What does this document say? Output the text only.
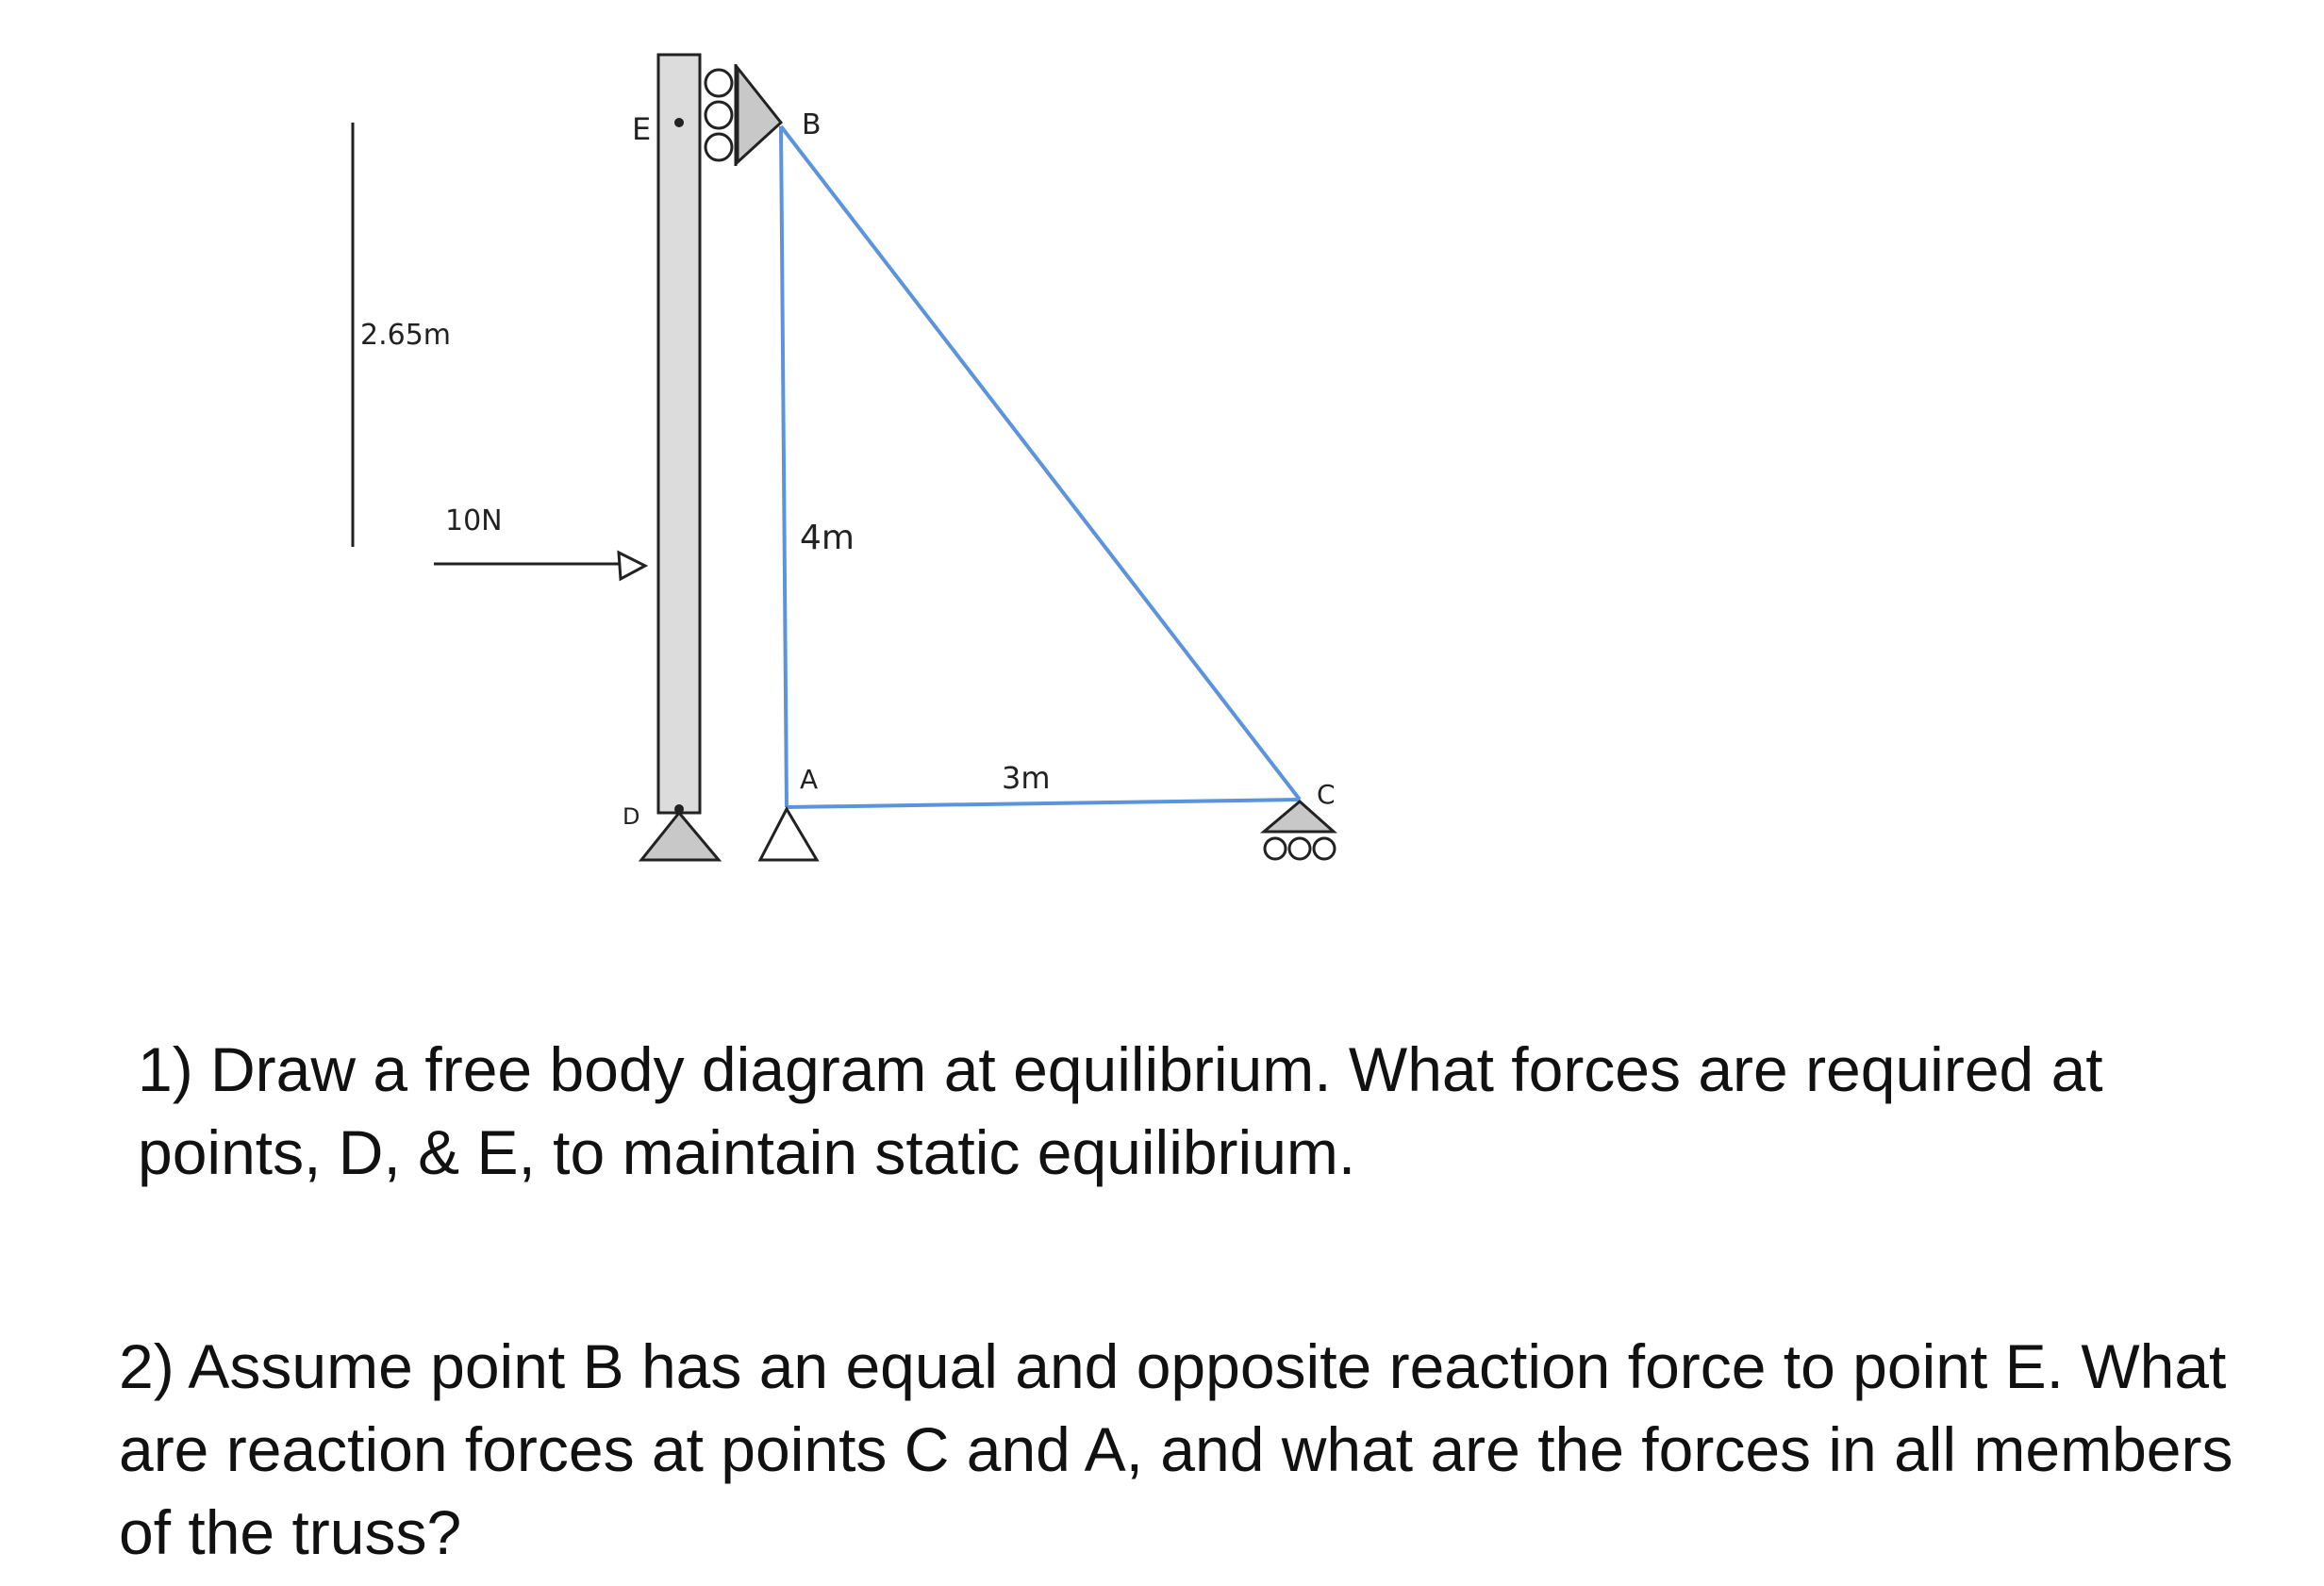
2.65m
10N
E	B
4m
3m
A	C
D

1) Draw a free body diagram at equilibrium. What forces are required at points, D, & E, to maintain static equilibrium.

2) Assume point B has an equal and opposite reaction force to point E. What are reaction forces at points C and A, and what are the forces in all members of the truss?
